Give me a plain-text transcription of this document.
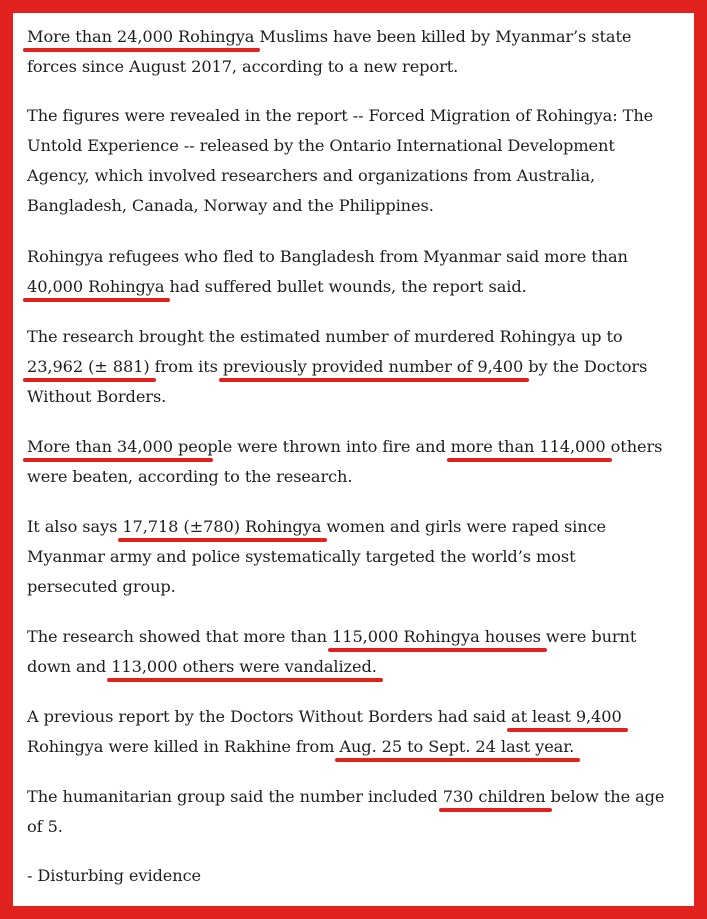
More than 24,000 Rohingya Muslims have been killed by Myanmar’s state
forces since August 2017, according to a new report.
The figures were revealed in the report -- Forced Migration of Rohingya: The
Untold Experience -- released by the Ontario International Development
Agency, which involved researchers and organizations from Australia,
Bangladesh, Canada, Norway and the Philippines.
Rohingya refugees who fled to Bangladesh from Myanmar said more than
40,000 Rohingya had suffered bullet wounds, the report said.
The research brought the estimated number of murdered Rohingya up to
23,962 (± 881) from its previously provided number of 9,400 by the Doctors
Without Borders.
More than 34,000 people were thrown into fire and more than 114,000 others
were beaten, according to the research.
It also says 17,718 (±780) Rohingya women and girls were raped since
Myanmar army and police systematically targeted the world’s most
persecuted group.
The research showed that more than 115,000 Rohingya houses were burnt
down and 113,000 others were vandalized.
A previous report by the Doctors Without Borders had said at least 9,400
Rohingya were killed in Rakhine from Aug. 25 to Sept. 24 last year.
The humanitarian group said the number included 730 children below the age
of 5.
- Disturbing evidence
